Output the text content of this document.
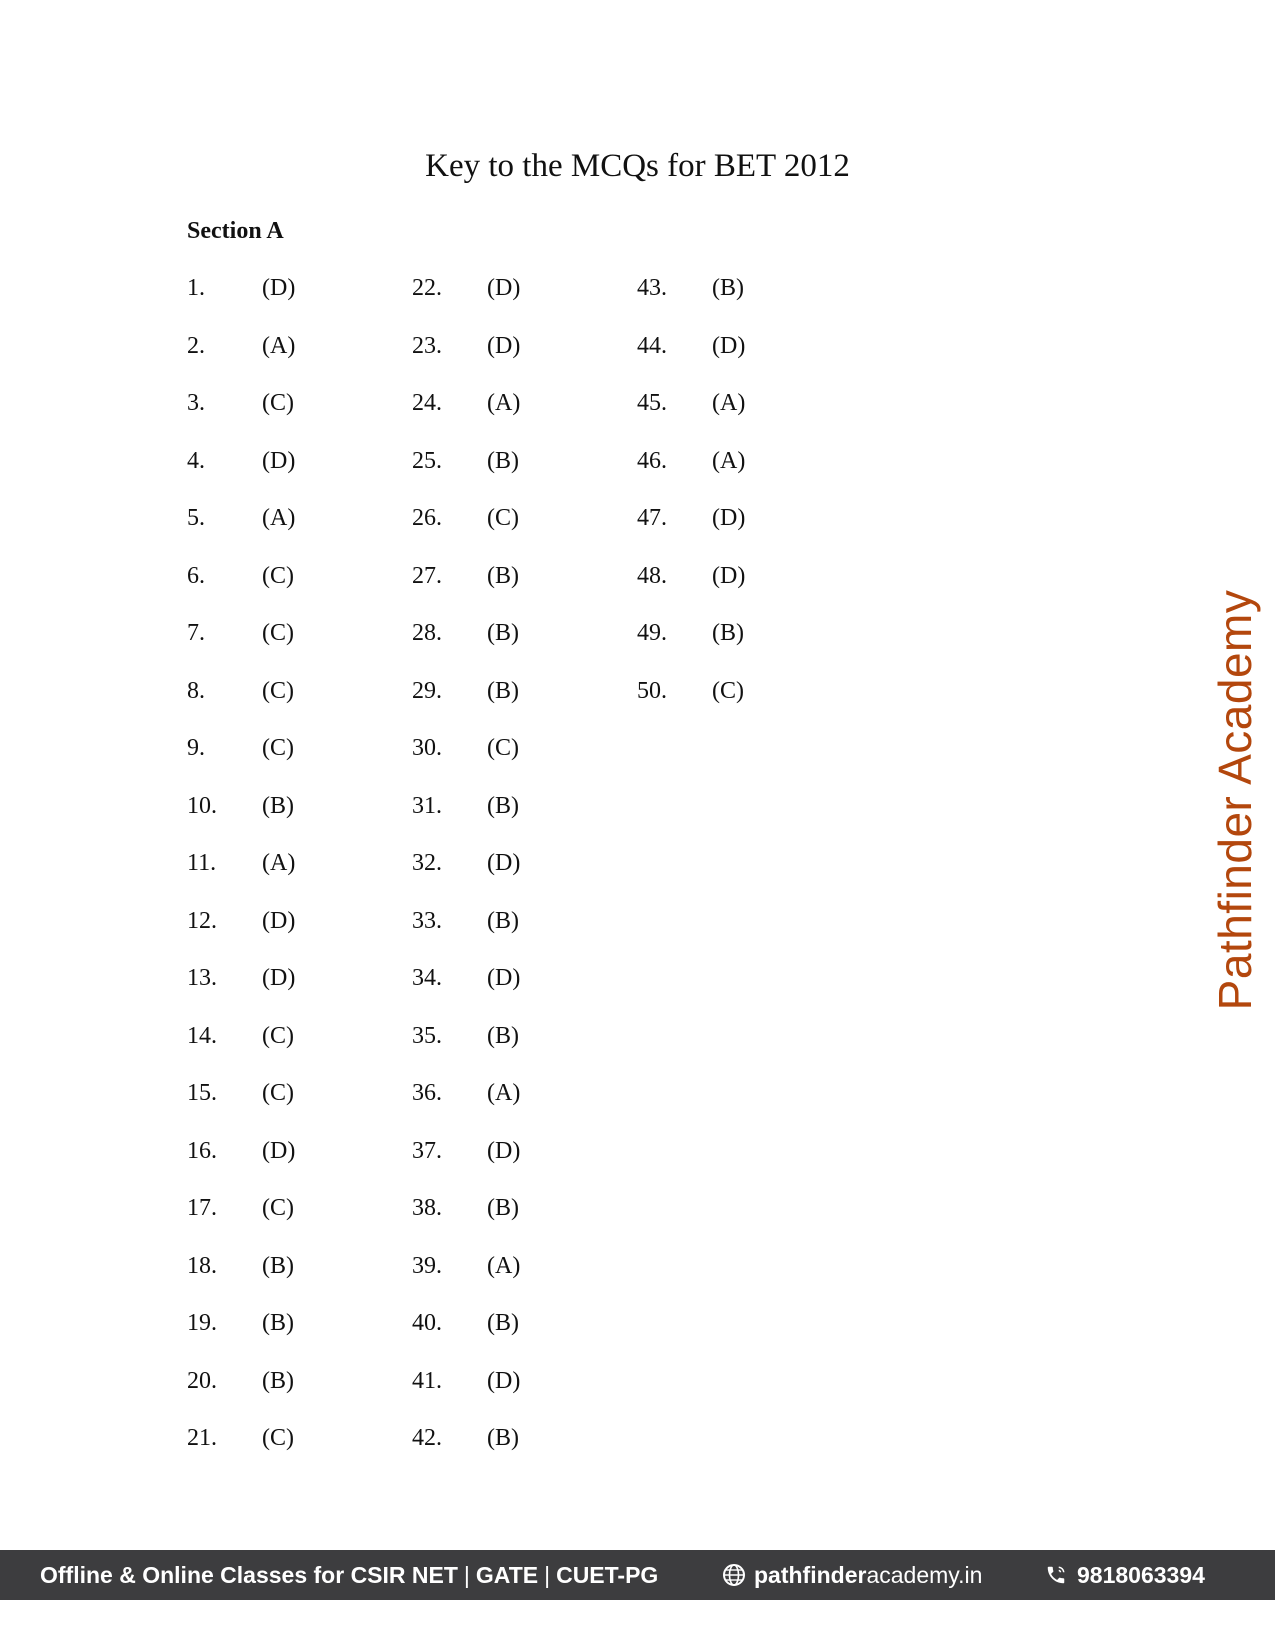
Key to the MCQs for BET 2012
Section A
1. (D)
2. (A)
3. (C)
4. (D)
5. (A)
6. (C)
7. (C)
8. (C)
9. (C)
10. (B)
11. (A)
12. (D)
13. (D)
14. (C)
15. (C)
16. (D)
17. (C)
18. (B)
19. (B)
20. (B)
21. (C)
22. (D)
23. (D)
24. (A)
25. (B)
26. (C)
27. (B)
28. (B)
29. (B)
30. (C)
31. (B)
32. (D)
33. (B)
34. (D)
35. (B)
36. (A)
37. (D)
38. (B)
39. (A)
40. (B)
41. (D)
42. (B)
43. (B)
44. (D)
45. (A)
46. (A)
47. (D)
48. (D)
49. (B)
50. (C)	Pathfinder Academy
Offline & Online Classes for CSIR NET | GATE | CUET-PG	pathfinderacademy.in	9818063394
